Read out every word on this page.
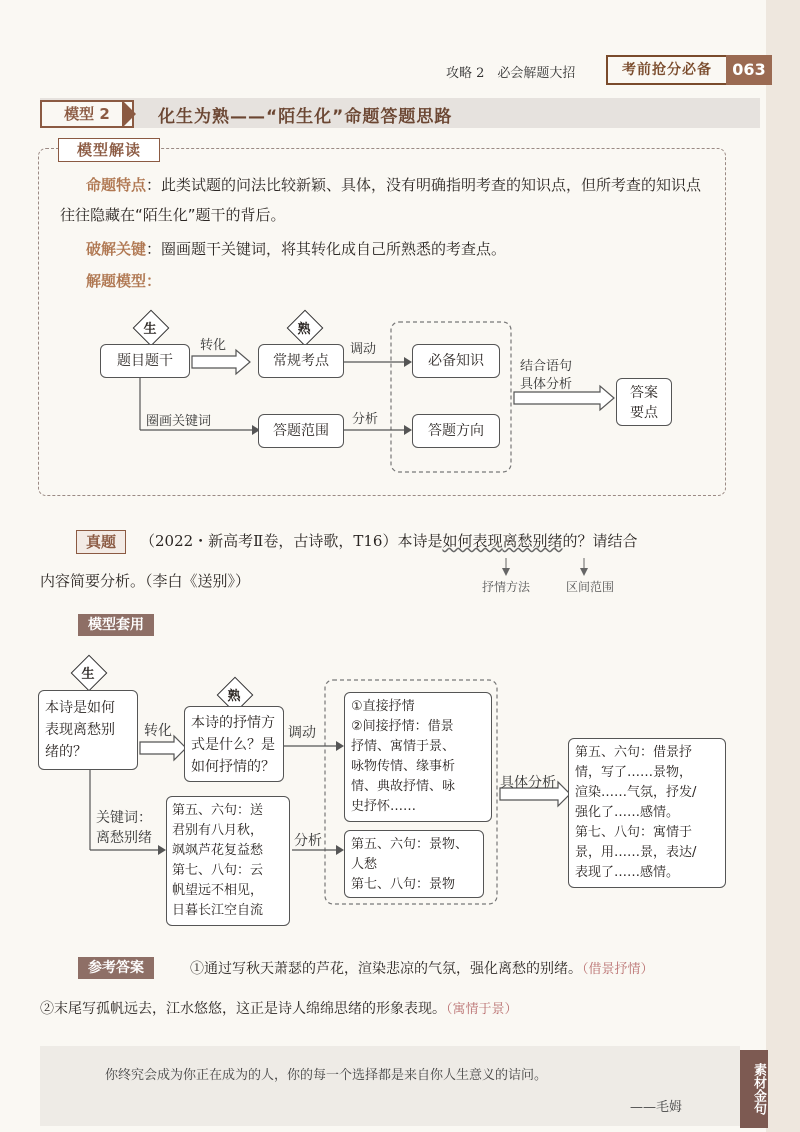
攻略 2　必会解题大招	考前抢分必备	063
模型 2	化生为熟——“陌生化”命题答题思路
模型解读
命题特点：此类试题的问法比较新颖、具体，没有明确指明考查的知识点，但所考查的知识点往往隐藏在“陌生化”题干的背后。
破解关键：圈画题干关键词，将其转化成自己所熟悉的考查点。
解题模型：
生	熟
题目题干
转化
常规考点
调动
必备知识
圈画关键词
答题范围
分析
答题方向
结合语句
具体分析
答案
要点
真题	（2022・新高考Ⅱ卷，古诗歌，T16）本诗是如何表现离愁别绪的？请结合
内容简要分析。（李白《送别》）	抒情方法	区间范围
模型套用
生
熟
本诗是如何
表现离愁别
绪的？
转化 本诗的抒情方
式是什么？是
如何抒情的？
调动
①直接抒情
②间接抒情：借景
抒情、寓情于景、
咏物传情、缘事析
情、典故抒情、咏
史抒怀……
关键词：
离愁别绪
第五、六句：送
君别有八月秋，
飒飒芦花复益愁
第七、八句：云
帆望远不相见，
日暮长江空自流
分析 第五、六句：景物、
人愁
第七、八句：景物
具体分析
第五、六句：借景抒
情，写了……景物，
渲染……气氛，抒发/
强化了……感情。
第七、八句：寓情于
景，用……景，表达/
表现了……感情。
参考答案	①通过写秋天萧瑟的芦花，渲染悲凉的气氛，强化离愁的别绪。（借景抒情）
②末尾写孤帆远去，江水悠悠，这正是诗人绵绵思绪的形象表现。（寓情于景）
你终究会成为你正在成为的人，你的每一个选择都是来自你人生意义的诘问。
——毛姆	素材金句
